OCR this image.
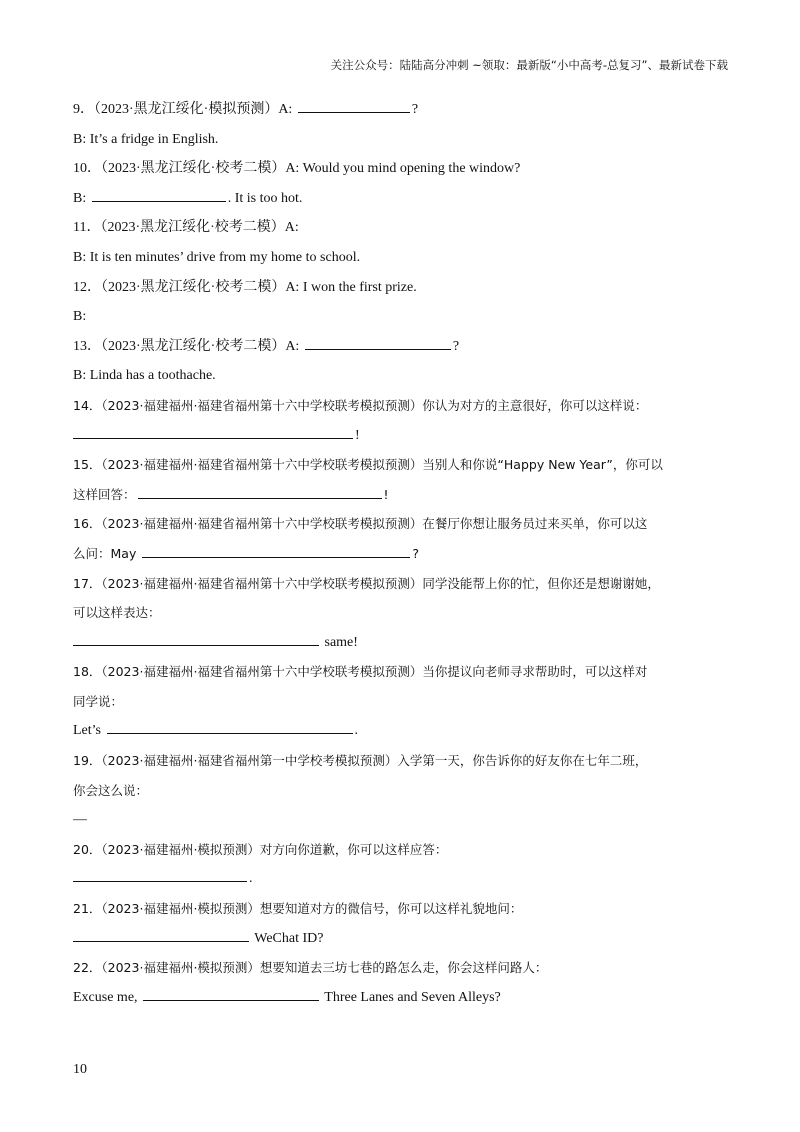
关注公众号：陆陆高分冲刺 ~领取：最新版“小中高考-总复习”、最新试卷下载
9．（2023·黑龙江绥化·模拟预测）A:	?
B: It’s a fridge in English.
10．（2023·黑龙江绥化·校考二模）A: Would you mind opening the window?
B:	. It is too hot.
11．（2023·黑龙江绥化·校考二模）A:
B: It is ten minutes’ drive from my home to school.
12．（2023·黑龙江绥化·校考二模）A: I won the first prize.
B:
13．（2023·黑龙江绥化·校考二模）A:	?
B: Linda has a toothache.
14．（2023·福建福州·福建省福州第十六中学校联考模拟预测）你认为对方的主意很好，你可以这样说：
!
15．（2023·福建福州·福建省福州第十六中学校联考模拟预测）当别人和你说“Happy New Year”，你可以
这样回答：	!
16．（2023·福建福州·福建省福州第十六中学校联考模拟预测）在餐厅你想让服务员过来买单，你可以这
么问：May	?
17．（2023·福建福州·福建省福州第十六中学校联考模拟预测）同学没能帮上你的忙，但你还是想谢谢她，
可以这样表达：
same!
18．（2023·福建福州·福建省福州第十六中学校联考模拟预测）当你提议向老师寻求帮助时，可以这样对
同学说：
Let’s	.
19．（2023·福建福州·福建省福州第一中学校考模拟预测）入学第一天，你告诉你的好友你在七年二班，
你会这么说：
—
20．（2023·福建福州·模拟预测）对方向你道歉，你可以这样应答：
.
21．（2023·福建福州·模拟预测）想要知道对方的微信号，你可以这样礼貌地问：
WeChat ID?
22．（2023·福建福州·模拟预测）想要知道去三坊七巷的路怎么走，你会这样问路人：
Excuse me,	Three Lanes and Seven Alleys?
10
